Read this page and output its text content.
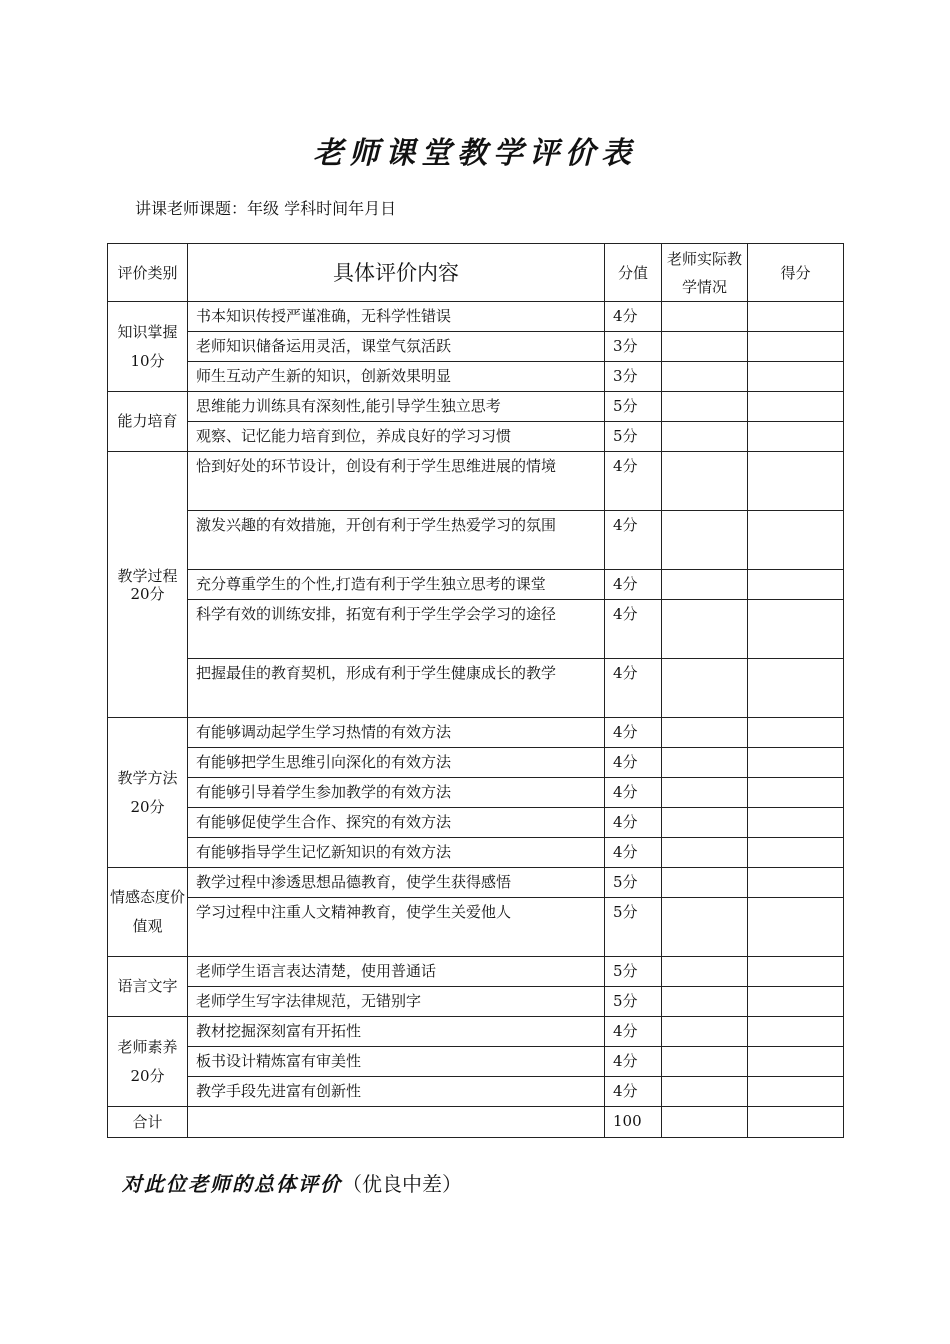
老师课堂教学评价表
讲课老师课题：年级 学科时间年月日
评价类别	具体评价内容	分值	老师实际教学情况	得分
知识掌握10分	书本知识传授严谨准确，无科学性错误	4分		
	老师知识储备运用灵活，课堂气氛活跃	3分		
	师生互动产生新的知识，创新效果明显	3分		
能力培育	思维能力训练具有深刻性,能引导学生独立思考	5分		
	观察、记忆能力培育到位，养成良好的学习习惯	5分		
教学过程20分	恰到好处的环节设计，创设有利于学生思维进展的情境	4分		
	激发兴趣的有效措施，开创有利于学生热爱学习的氛围	4分		
	充分尊重学生的个性,打造有利于学生独立思考的课堂	4分		
	科学有效的训练安排，拓宽有利于学生学会学习的途径	4分		
	把握最佳的教育契机，形成有利于学生健康成长的教学	4分		
教学方法20分	有能够调动起学生学习热情的有效方法	4分		
	有能够把学生思维引向深化的有效方法	4分		
	有能够引导着学生参加教学的有效方法	4分		
	有能够促使学生合作、探究的有效方法	4分		
	有能够指导学生记忆新知识的有效方法	4分		
情感态度价值观	教学过程中渗透思想品德教育，使学生获得感悟	5分		
	学习过程中注重人文精神教育，使学生关爱他人	5分		
语言文字	老师学生语言表达清楚，使用普通话	5分		
	老师学生写字法律规范，无错别字	5分		
老师素养20分	教材挖掘深刻富有开拓性	4分		
	板书设计精炼富有审美性	4分		
	教学手段先进富有创新性	4分		
合计		100		
对此位老师的总体评价（优良中差）
